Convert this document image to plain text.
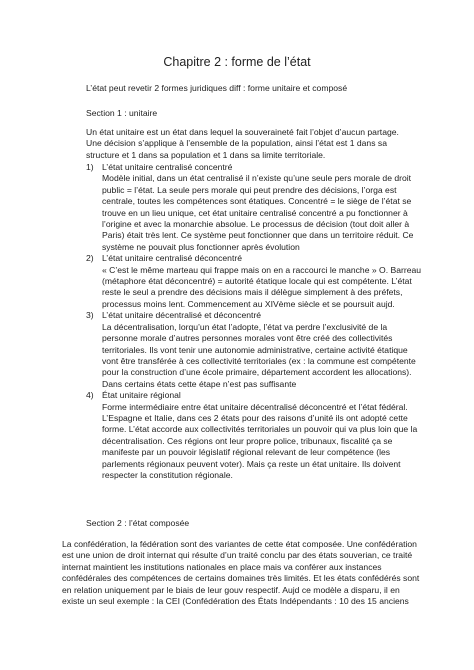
Chapitre 2 : forme de l’état

L’état peut revetir 2 formes juridiques diff : forme unitaire et composé

Section 1 : unitaire

Un état unitaire est un état dans lequel la souveraineté fait l’objet d’aucun partage. Une décision s’applique à l’ensemble de la population, ainsi l’état est 1 dans sa structure et 1 dans sa population et 1 dans sa limite territoriale.

1) L’état unitaire centralisé concentré
Modèle initial, dans un état centralisé il n’existe qu’une seule pers morale de droit public = l’état. La seule pers morale qui peut prendre des décisions, l’orga est centrale, toutes les compétences sont étatiques. Concentré = le siège de l’état se trouve en un lieu unique, cet état unitaire centralisé concentré a pu fonctionner à l’origine et avec la monarchie absolue. Le processus de décision (tout doit aller à Paris) était très lent. Ce système peut fonctionner que dans un territoire réduit. Ce système ne pouvait plus fonctionner après évolution
2) L’état unitaire centralisé déconcentré
« C’est le même marteau qui frappe mais on en a raccourci le manche » O. Barreau (métaphore état déconcentré) = autorité étatique locale qui est compétente. L’état reste le seul a prendre des décisions mais il délègue simplement à des préfets, processus moins lent. Commencement au XIVème siècle et se poursuit aujd.
3) L’état unitaire décentralisé et déconcentré
La décentralisation, lorqu’un état l’adopte, l’état va perdre l’exclusivité de la personne morale d’autres personnes morales vont être créé des collectivités territoriales. Ils vont tenir une autonomie administrative, certaine activité étatique vont être transférée à ces collectivité territoriales (ex : la commune est compétente pour la construction d’une école primaire, département accordent les allocations). Dans certains états cette étape n’est pas suffisante
4) État unitaire régional
Forme intermédiaire entre état unitaire décentralisé déconcentré et l’état fédéral. L’Espagne et Italie, dans ces 2 états pour des raisons d’unité ils ont adopté cette forme. L’état accorde aux collectivités territoriales un pouvoir qui va plus loin que la décentralisation. Ces régions ont leur propre police, tribunaux, fiscalité ça se manifeste par un pouvoir législatif régional relevant de leur compétence (les parlements régionaux peuvent voter). Mais ça reste un état unitaire. Ils doivent respecter la constitution régionale.

Section 2 : l’état composée

La confédération, la fédération sont des variantes de cette état composée. Une confédération est une union de droit internat qui résulte d’un traité conclu par des états souverian, ce traité internat maintient les institutions nationales en place mais va conférer aux instances confédérales des compétences de certains domaines très limités. Et les états confédérés sont en relation uniquement par le biais de leur gouv respectif. Aujd ce modèle a disparu, il en existe un seul exemple : la CEI (Confédération des États Indépendants : 10 des 15 anciens
